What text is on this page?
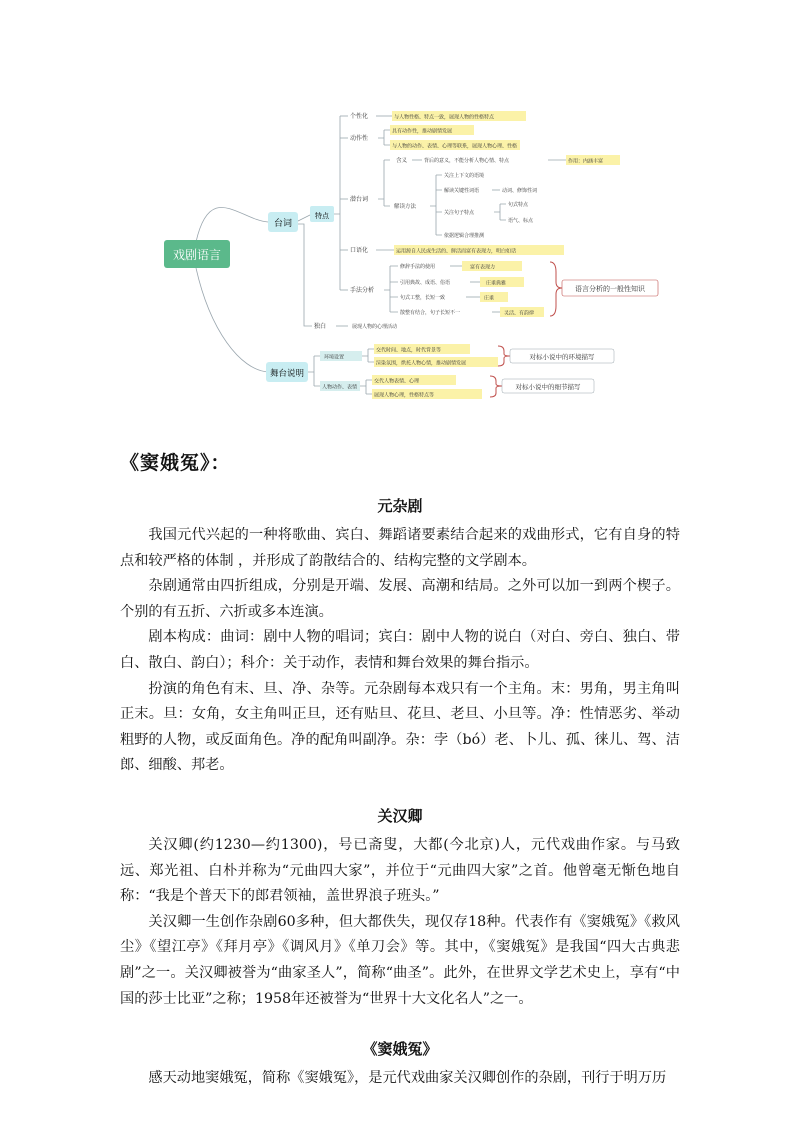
戏剧语言
台词
特点
舞台说明
个性化	与人物性格、特点一致，展现人物的性格特点
动作性
具有动作性，推动剧情发展
与人物的动作、表情、心理等联系，展现人物心理、性格
潜台词
含义	背后的意义，不能分析人物心情、特点	作用：内涵丰富
解读方法
关注上下文的语境
解读关键性词语	动词、修饰性词
关注句子特点
句式特点
语气、标点
依据逻辑合理推测
口语化	运用源自人民或生活的、鲜活而富有表现力，明白如话
手法分析
修辞手法的使用
引用典故、成语、俗语
句式工整，长短一致
散整有结合，句子长短不一
富有表现力
庄重典雅
庄重
灵活、有韵律
语言分析的一般性知识
独白	展现人物的心理活动
环境设置
人物动作、表情
交代时间、地点，时代背景等
渲染氛围，烘托人物心情，推动剧情发展
对标小说中的环境描写
交代人物表情、心理
展现人物心理，性格特点等
对标小说中的细节描写
《窦娥冤》：
元杂剧

我国元代兴起的一种将歌曲、宾白、舞蹈诸要素结合起来的戏曲形式，它有自身的特点和较严格的体制 ，并形成了韵散结合的、结构完整的文学剧本。

杂剧通常由四折组成，分别是开端、发展、高潮和结局。之外可以加一到两个楔子。个别的有五折、六折或多本连演。

剧本构成：曲词：剧中人物的唱词；宾白：剧中人物的说白（对白、旁白、独白、带白、散白、韵白）；科介：关于动作，表情和舞台效果的舞台指示。

扮演的角色有末、旦、净、杂等。元杂剧每本戏只有一个主角。末：男角，男主角叫正末。旦：女角，女主角叫正旦，还有贴旦、花旦、老旦、小旦等。净：性情恶劣、举动粗野的人物，或反面角色。净的配角叫副净。杂：孛（bó）老、卜儿、孤、徕儿、驾、洁郎、细酸、邦老。

关汉卿

关汉卿(约1230—约1300)，号已斋叟，大都(今北京)人，元代戏曲作家。与马致远、郑光祖、白朴并称为“元曲四大家”，并位于“元曲四大家”之首。他曾毫无惭色地自称：“我是个普天下的郎君领袖，盖世界浪子班头。”

关汉卿一生创作杂剧60多种，但大都佚失，现仅存18种。代表作有《窦娥冤》《救风尘》《望江亭》《拜月亭》《调风月》《单刀会》等。其中，《窦娥冤》是我国“四大古典悲剧”之一。关汉卿被誉为“曲家圣人”，简称“曲圣”。此外，在世界文学艺术史上，享有“中国的莎士比亚”之称；1958年还被誉为“世界十大文化名人”之一。

《窦娥冤》

感天动地窦娥冤，简称《窦娥冤》，是元代戏曲家关汉卿创作的杂剧，刊行于明万历
